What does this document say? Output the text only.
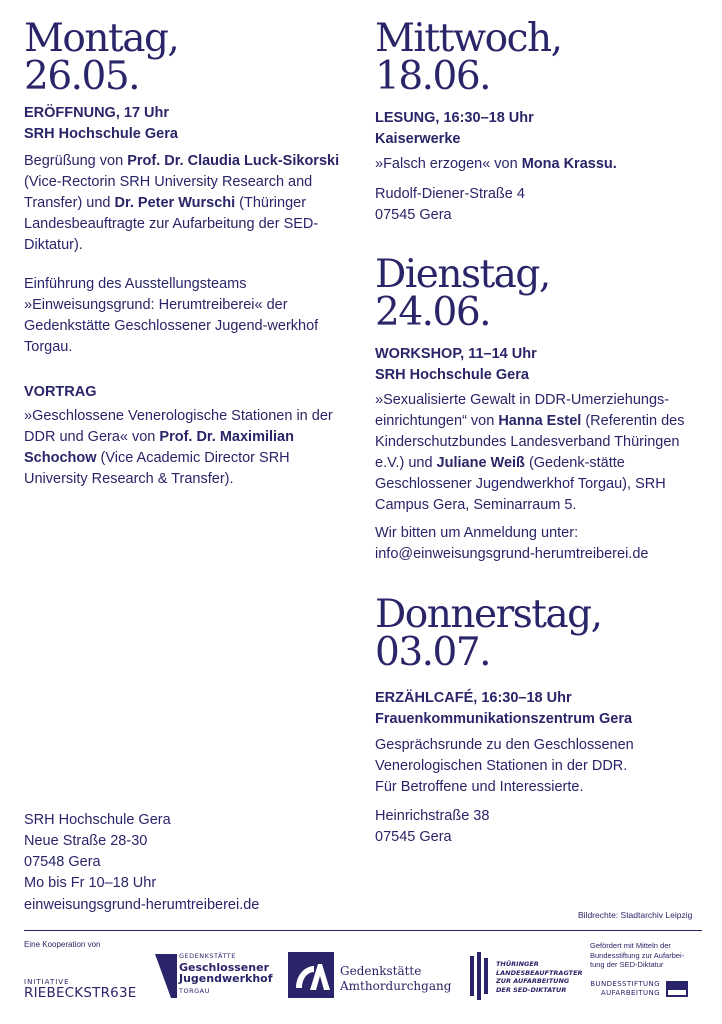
Montag,
26.05.
ERÖFFNUNG, 17 Uhr
SRH Hochschule Gera
Begrüßung von Prof. Dr. Claudia Luck-Sikorski (Vice-Rectorin SRH University Research and Transfer) und Dr. Peter Wurschi (Thüringer Landesbeauftragte zur Aufarbeitung der SED-Diktatur).
Einführung des Ausstellungsteams »Einweisungsgrund: Herumtreiberei« der Gedenkstätte Geschlossener Jugend-werkhof Torgau.
VORTRAG
»Geschlossene Venerologische Stationen in der DDR und Gera« von Prof. Dr. Maximilian Schochow (Vice Academic Director SRH University Research & Transfer).
SRH Hochschule Gera
Neue Straße 28-30
07548 Gera
Mo bis Fr 10–18 Uhr
einweisungsgrund-herumtreiberei.de
Mittwoch,
18.06.
LESUNG, 16:30–18 Uhr
Kaiserwerke
»Falsch erzogen« von Mona Krassu.
Rudolf-Diener-Straße 4
07545 Gera
Dienstag,
24.06.
WORKSHOP, 11–14 Uhr
SRH Hochschule Gera
»Sexualisierte Gewalt in DDR-Umerziehungs-einrichtungen“ von Hanna Estel (Referentin des Kinderschutzbundes Landesverband Thüringen e.V.) und Juliane Weiß (Gedenk-stätte Geschlossener Jugendwerkhof Torgau), SRH Campus Gera, Seminarraum 5.
Wir bitten um Anmeldung unter:
info@einweisungsgrund-herumtreiberei.de
Donnerstag,
03.07.
ERZÄHLCAFÉ, 16:30–18 Uhr
Frauenkommunikationszentrum Gera
Gesprächsrunde zu den Geschlossenen
Venerologischen Stationen in der DDR.
Für Betroffene und Interessierte.
Heinrichstraße 38
07545 Gera
Bildrechte: Stadtarchiv Leipzig
Eine Kooperation von
INITIATIVE
RIEBECKSTR63E
GEDENKSTÄTTE
Geschlossener
Jugendwerkhof
TORGAU
Gedenkstätte
Amthordurchgang
THÜRINGER
LANDESBEAUFTRAGTER
ZUR AUFARBEITUNG
DER SED-DIKTATUR
Gefördert mit Mitteln der
Bundesstiftung zur Aufarbei-
tung der SED-Diktatur
BUNDESSTIFTUNG
AUFARBEITUNG
